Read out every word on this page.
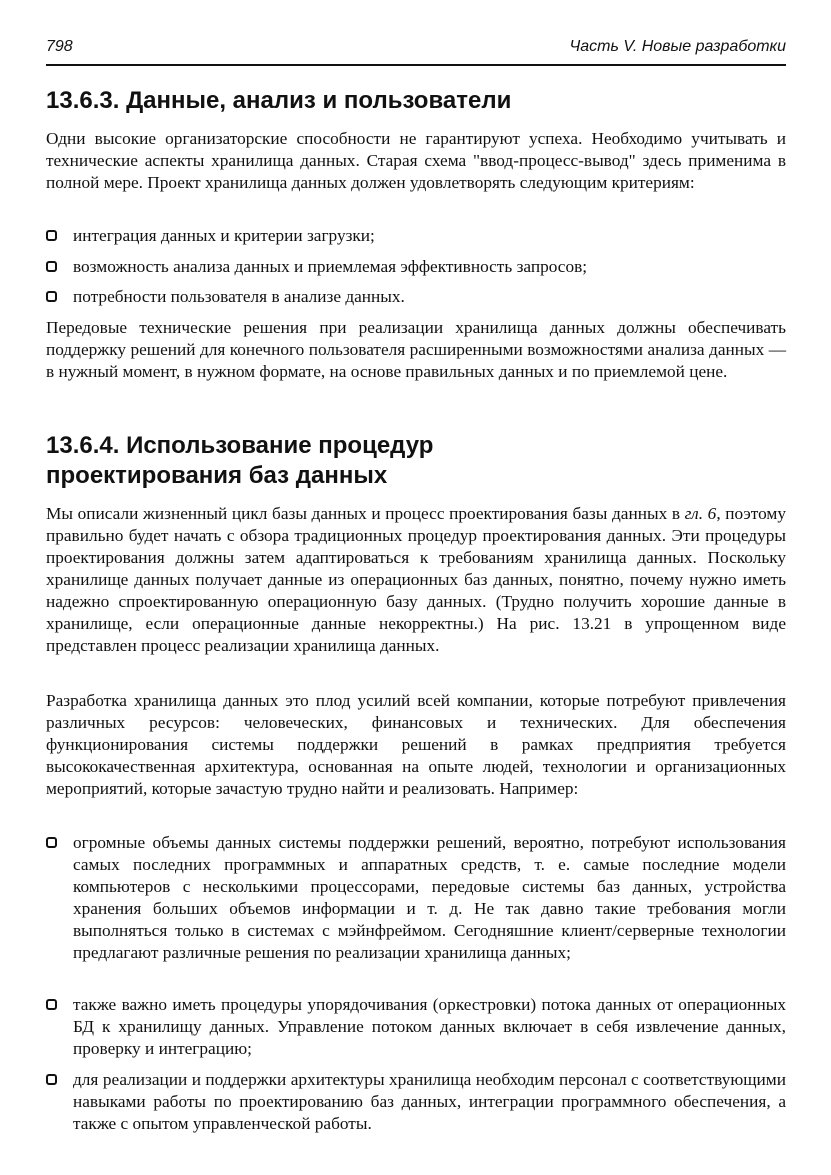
798	Часть V. Новые разработки
13.6.3. Данные, анализ и пользователи

Одни высокие организаторские способности не гарантируют успеха. Необходимо учитывать и технические аспекты хранилища данных. Старая схема "ввод-процесс-вывод" здесь применима в полной мере. Проект хранилища данных должен удовлетворять следующим критериям:

интеграция данных и критерии загрузки;

возможность анализа данных и приемлемая эффективность запросов;

потребности пользователя в анализе данных.

Передовые технические решения при реализации хранилища данных должны обеспечивать поддержку решений для конечного пользователя расширенными возможностями анализа данных — в нужный момент, в нужном формате, на основе правильных данных и по приемлемой цене.

13.6.4. Использование процедур
проектирования баз данных

Мы описали жизненный цикл базы данных и процесс проектирования базы данных в гл. 6, поэтому правильно будет начать с обзора традиционных процедур проектирования данных. Эти процедуры проектирования должны затем адаптироваться к требованиям хранилища данных. Поскольку хранилище данных получает данные из операционных баз данных, понятно, почему нужно иметь надежно спроектированную операционную базу данных. (Трудно получить хорошие данные в хранилище, если операционные данные некорректны.) На рис. 13.21 в упрощенном виде представлен процесс реализации хранилища данных.

Разработка хранилища данных это плод усилий всей компании, которые потребуют привлечения различных ресурсов: человеческих, финансовых и технических. Для обеспечения функционирования системы поддержки решений в рамках предприятия требуется высококачественная архитектура, основанная на опыте людей, технологии и организационных мероприятий, которые зачастую трудно найти и реализовать. Например:

огромные объемы данных системы поддержки решений, вероятно, потребуют использования самых последних программных и аппаратных средств, т. е. самые последние модели компьютеров с несколькими процессорами, передовые системы баз данных, устройства хранения больших объемов информации и т. д. Не так давно такие требования могли выполняться только в системах с мэйнфреймом. Сегодняшние клиент/серверные технологии предлагают различные решения по реализации хранилища данных;

также важно иметь процедуры упорядочивания (оркестровки) потока данных от операционных БД к хранилищу данных. Управление потоком данных включает в себя извлечение данных, проверку и интеграцию;

для реализации и поддержки архитектуры хранилища необходим персонал с соответствующими навыками работы по проектированию баз данных, интеграции программного обеспечения, а также с опытом управленческой работы.
